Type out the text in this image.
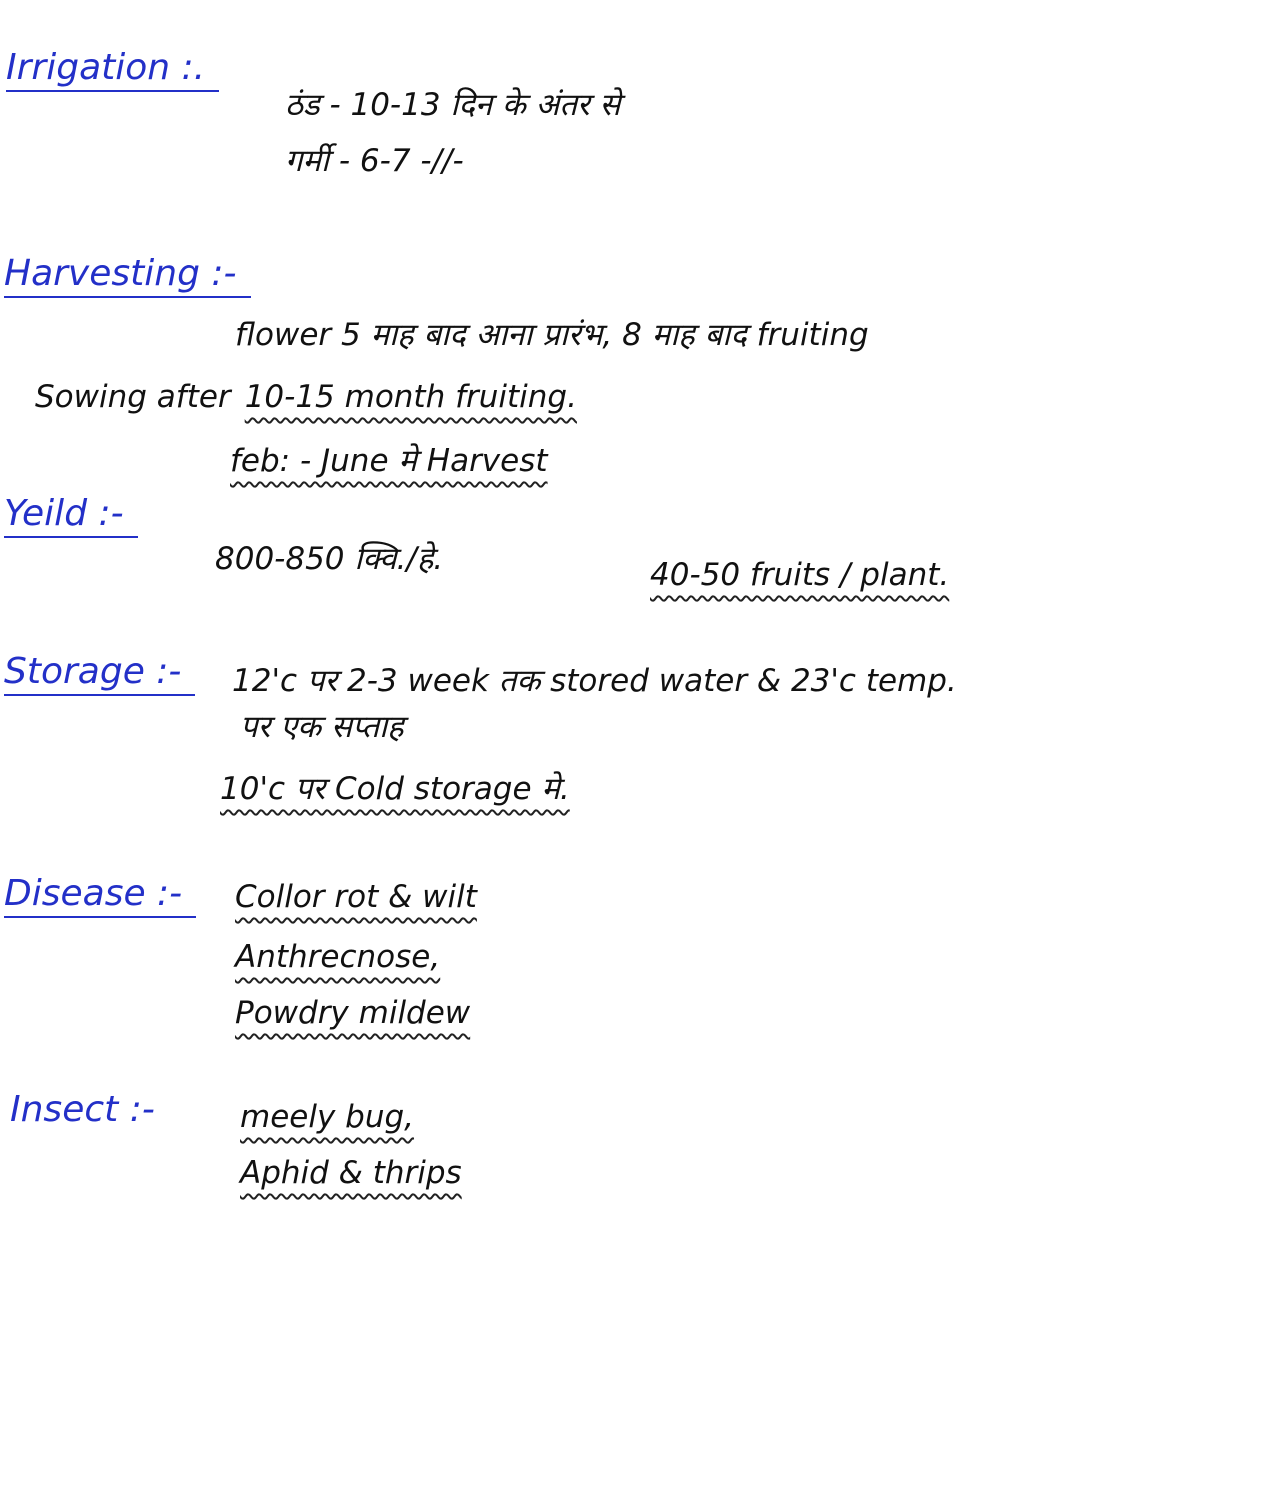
Irrigation :.
ठंड - 10-13 दिन के अंतर से
गर्मी - 6-7 -//-
Harvesting :-
flower 5 माह बाद आना प्रारंभ, 8 माह बाद fruiting
Sowing after 10-15 month fruiting.
feb: - June मे Harvest
Yeild :-
800-850 क्वि./हे.	40-50 fruits / plant.
Storage :-	12'c पर 2-3 week तक stored water & 23'c temp.
पर एक सप्ताह
10'c पर Cold storage मे.
Disease :-	Collor rot & wilt
Anthrecnose,
Powdry mildew
Insect :-	meely bug,
Aphid & thrips
